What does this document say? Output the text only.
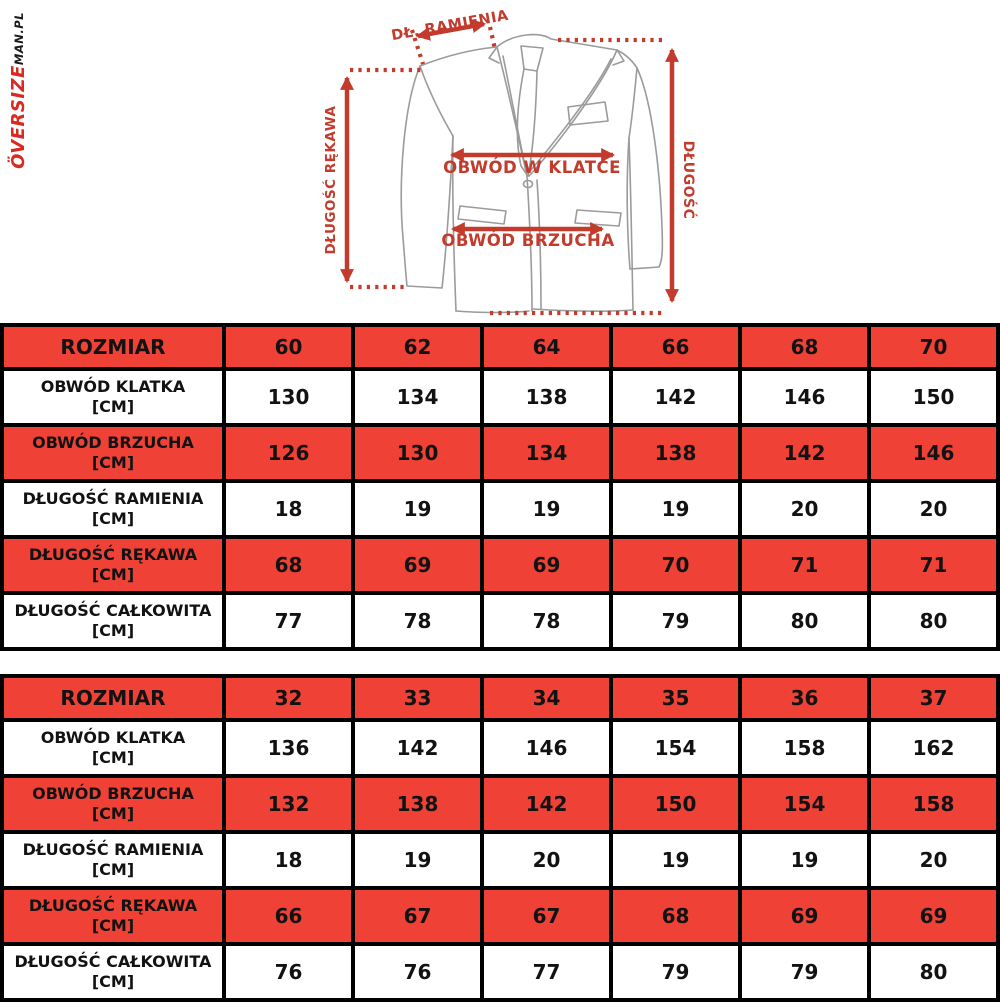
ÖVERSIZEMAN.PL	DŁ. RAMIENIA
DŁUGOŚĆ RĘKAWA	DŁUGOŚĆ
OBWÓD W KLATCE
OBWÓD BRZUCHA
ROZMIAR	60	62	64	66	68	70

OBWÓD KLATKA
[CM]	130	134	138	142	146	150

OBWÓD BRZUCHA
[CM]	126	130	134	138	142	146

DŁUGOŚĆ RAMIENIA
[CM]	18	19	19	19	20	20

DŁUGOŚĆ RĘKAWA
[CM]	68	69	69	70	71	71

DŁUGOŚĆ CAŁKOWITA
[CM]	77	78	78	79	80	80
ROZMIAR	32	33	34	35	36	37

OBWÓD KLATKA
[CM]	136	142	146	154	158	162

OBWÓD BRZUCHA
[CM]	132	138	142	150	154	158

DŁUGOŚĆ RAMIENIA
[CM]	18	19	20	19	19	20

DŁUGOŚĆ RĘKAWA
[CM]	66	67	67	68	69	69

DŁUGOŚĆ CAŁKOWITA
[CM]	76	76	77	79	79	80
